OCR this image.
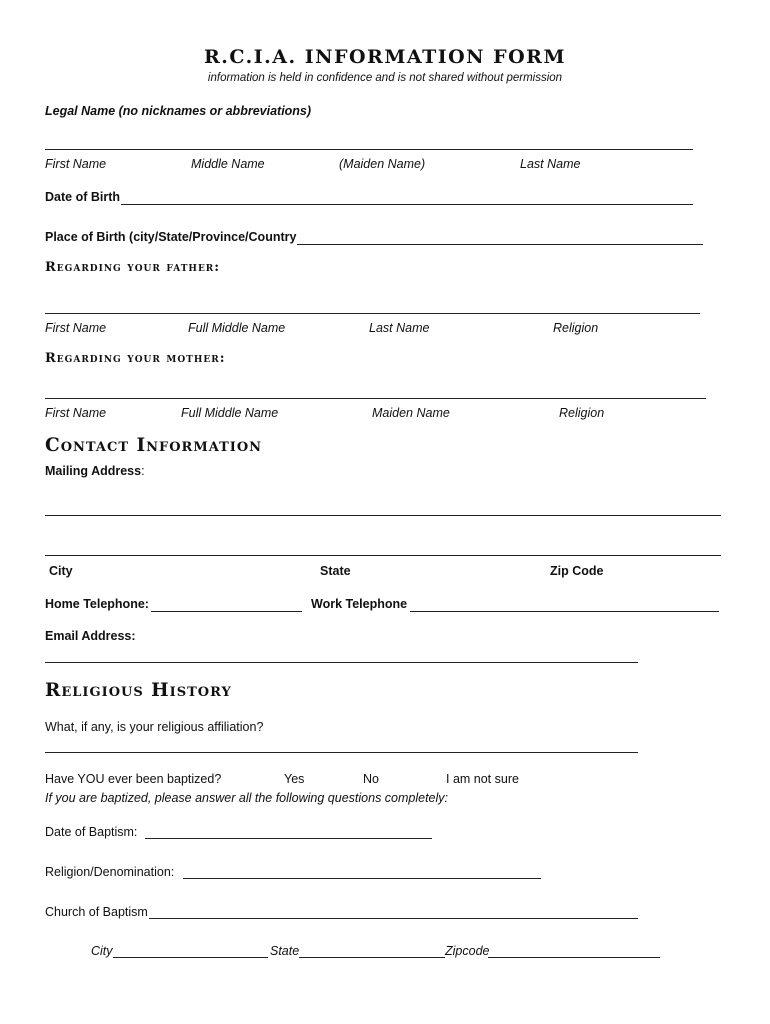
R.C.I.A. INFORMATION FORM
information is held in confidence and is not shared without permission
Legal Name (no nicknames or abbreviations)
First Name	Middle Name	(Maiden Name)	Last Name
Date of Birth
Place of Birth (city/State/Province/Country
Regarding your father:
First Name	Full Middle Name	Last Name	Religion
Regarding your mother:
First Name	Full Middle Name	Maiden Name	Religion
Contact Information
Mailing Address:
City	State	Zip Code
Home Telephone:	Work Telephone
Email Address:
Religious History
What, if any, is your religious affiliation?
Have YOU ever been baptized?	Yes	No	I am not sure
If you are baptized, please answer all the following questions completely:
Date of Baptism:
Religion/Denomination:
Church of Baptism
City	State	Zipcode
